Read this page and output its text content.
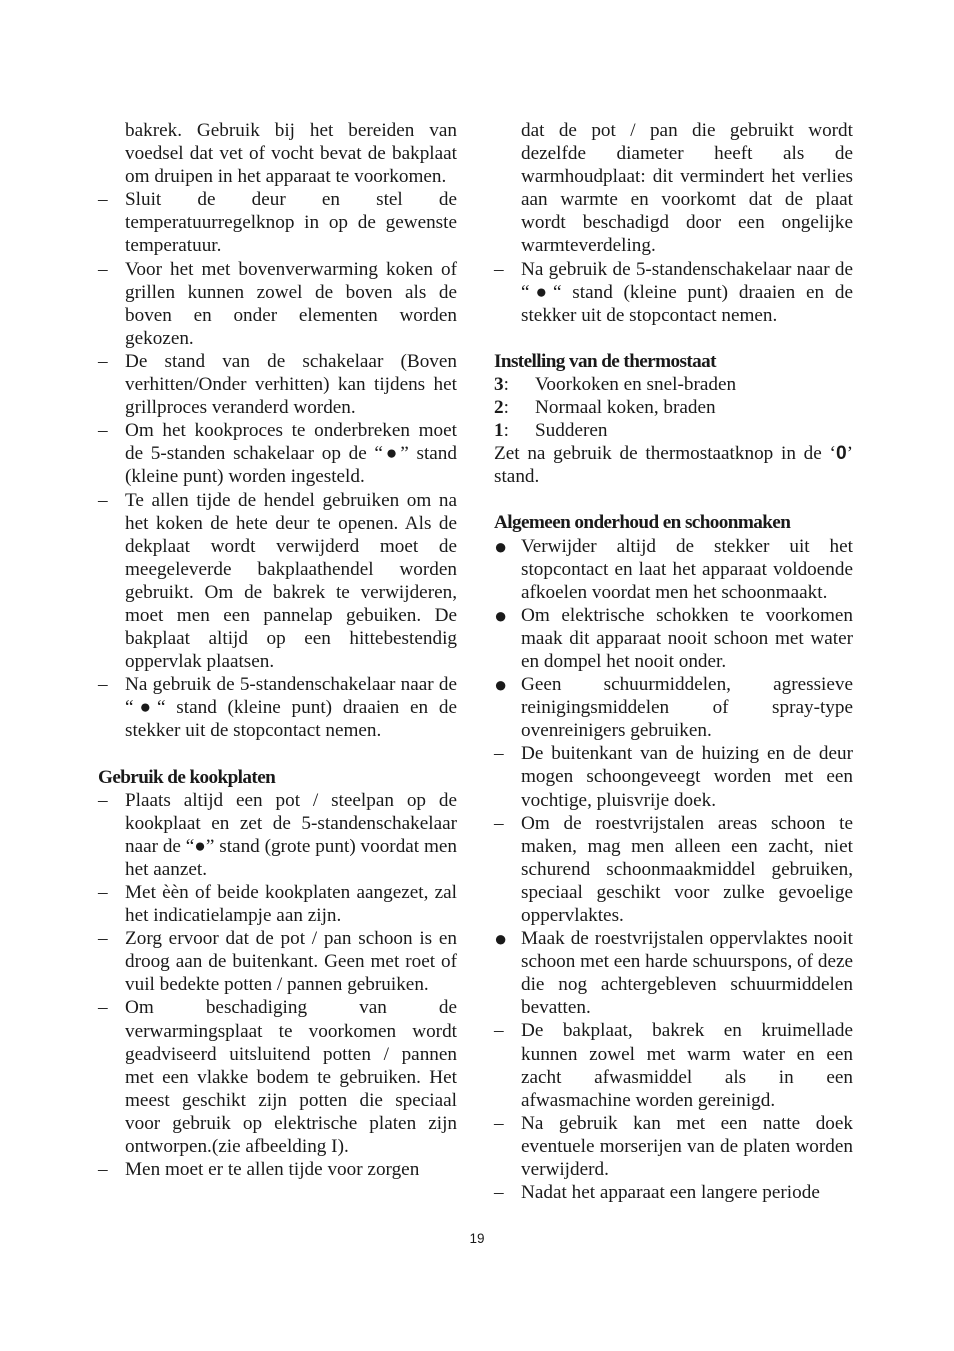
bakrek. Gebruik bij het bereiden van voedsel dat vet of vocht bevat de bakplaat om druipen in het apparaat te voorkomen.

– Sluit de deur en stel de temperatuurregelknop in op de gewenste temperatuur.

– Voor het met bovenverwarming koken of grillen kunnen zowel de boven als de boven en onder elementen worden gekozen.

– De stand van de schakelaar (Boven verhitten/Onder verhitten) kan tijdens het grillproces veranderd worden.

– Om het kookproces te onderbreken moet de 5-standen schakelaar op de “●” stand (kleine punt) worden ingesteld.

– Te allen tijde de hendel gebruiken om na het koken de hete deur te openen. Als de dekplaat wordt verwijderd moet de meegeleverde bakplaathendel worden gebruikt. Om de bakrek te verwijderen, moet men een pannelap gebuiken. De bakplaat altijd op een hittebestendig oppervlak plaatsen.

– Na gebruik de 5-standenschakelaar naar de “●“ stand (kleine punt) draaien en de stekker uit de stopcontact nemen.

Gebruik de kookplaten

– Plaats altijd een pot / steelpan op de kookplaat en zet de 5-standenschakelaar naar de “●” stand (grote punt) voordat men het aanzet.

– Met èèn of beide kookplaten aangezet, zal het indicatielampje aan zijn.

– Zorg ervoor dat de pot / pan schoon is en droog aan de buitenkant. Geen met roet of vuil bedekte potten / pannen gebruiken.

– Om beschadiging van de verwarmingsplaat te voorkomen wordt geadviseerd uitsluitend potten / pannen met een vlakke bodem te gebruiken. Het meest geschikt zijn potten die speciaal voor gebruik op elektrische platen zijn ontworpen.(zie afbeelding I).

– Men moet er te allen tijde voor zorgen

dat de pot / pan die gebruikt wordt dezelfde diameter heeft als de warmhoudplaat: dit vermindert het verlies aan warmte en voorkomt dat de plaat wordt beschadigd door een ongelijke warmteverdeling.

– Na gebruik de 5-standenschakelaar naar de “●“ stand (kleine punt) draaien en de stekker uit de stopcontact nemen.

Instelling van de thermostaat

3: Voorkoken en snel-braden

2: Normaal koken, braden

1: Sudderen

Zet na gebruik de thermostaatknop in de ‘0’ stand.

Algemeen onderhoud en schoonmaken

● Verwijder altijd de stekker uit het stopcontact en laat het apparaat voldoende afkoelen voordat men het schoonmaakt.

● Om elektrische schokken te voorkomen maak dit apparaat nooit schoon met water en dompel het nooit onder.

● Geen schuurmiddelen, agressieve reinigingsmiddelen of spray-type ovenreinigers gebruiken.

– De buitenkant van de huizing en de deur mogen schoongeveegt worden met een vochtige, pluisvrije doek.

– Om de roestvrijstalen areas schoon te maken, mag men alleen een zacht, niet schurend schoonmaakmiddel gebruiken, speciaal geschikt voor zulke gevoelige oppervlaktes.

● Maak de roestvrijstalen oppervlaktes nooit schoon met een harde schuurspons, of deze die nog achtergebleven schuurmiddelen bevatten.

– De bakplaat, bakrek en kruimellade kunnen zowel met warm water en een zacht afwasmiddel als in een afwasmachine worden gereinigd.

– Na gebruik kan met een natte doek eventuele morserijen van de platen worden verwijderd.

– Nadat het apparaat een langere periode

19
